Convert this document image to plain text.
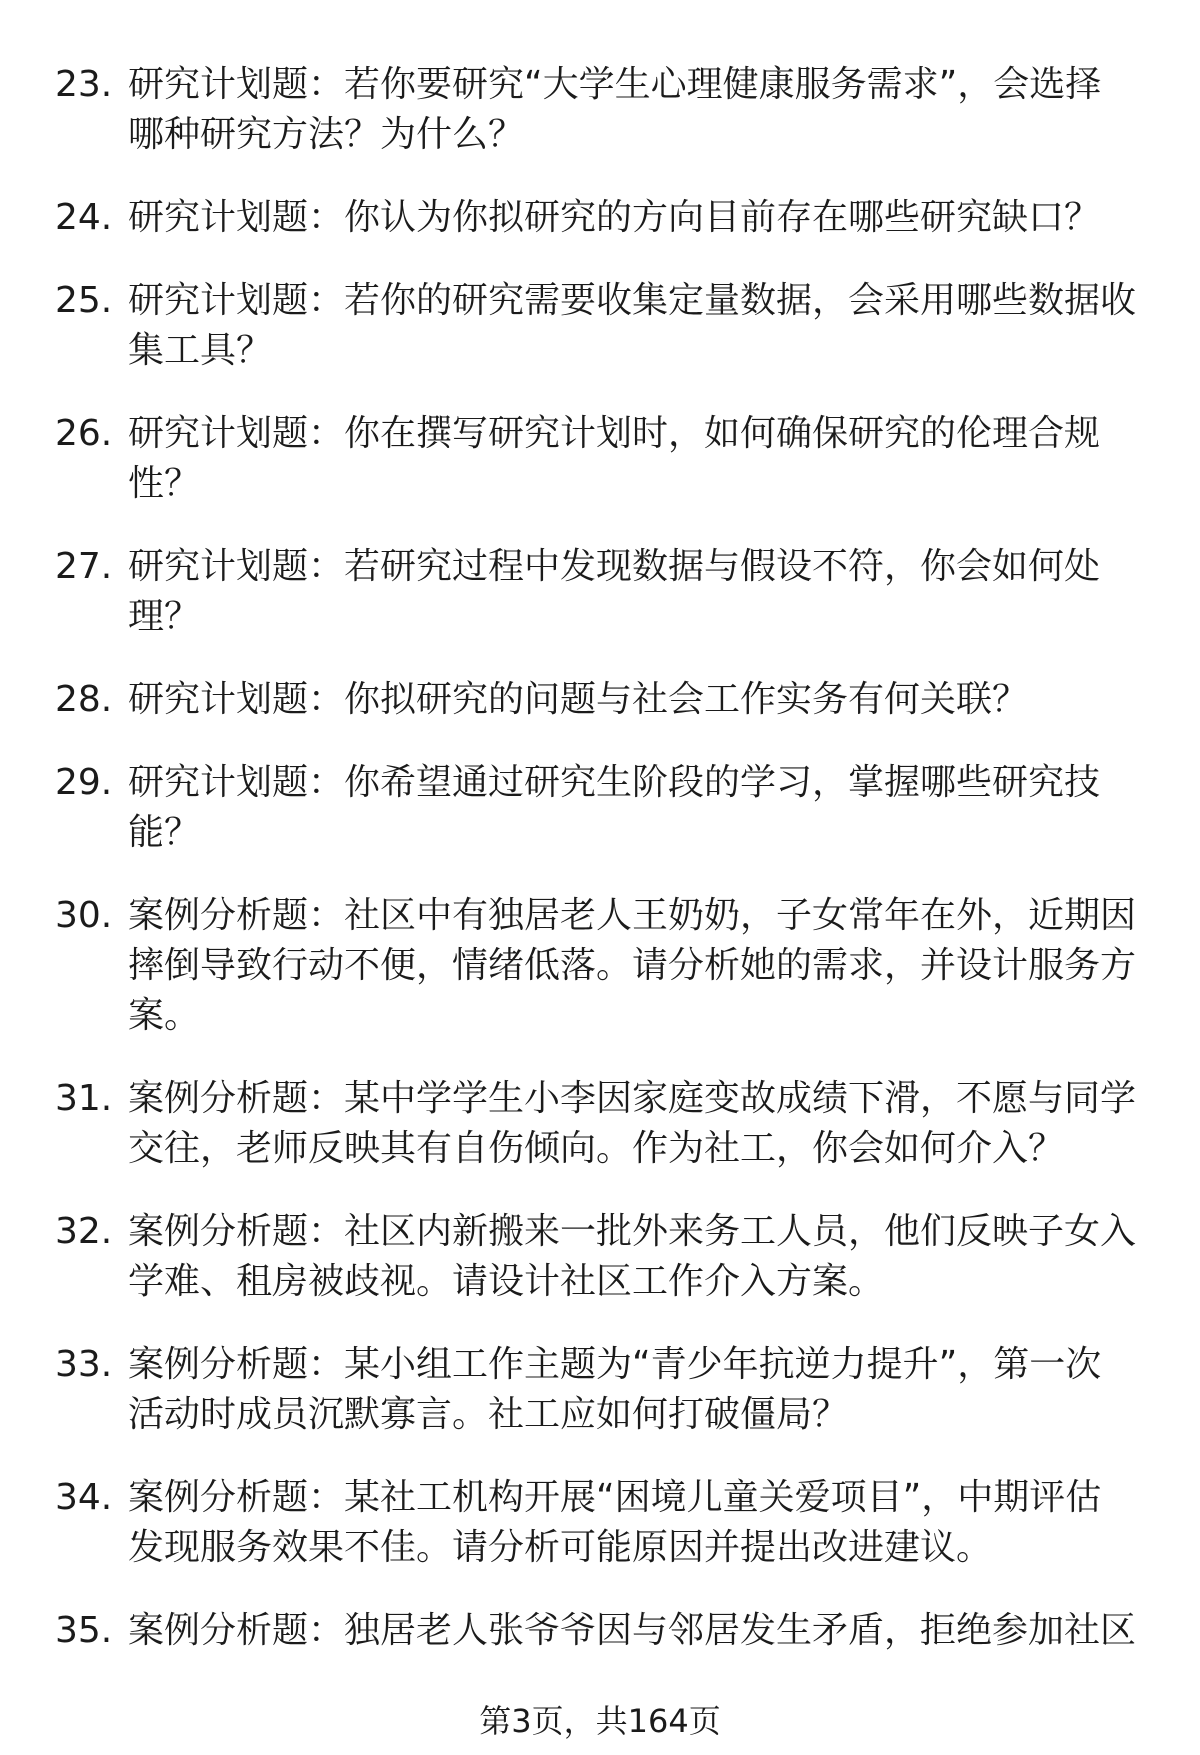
23. 研究计划题：若你要研究“大学生心理健康服务需求”，会选择
哪种研究方法？为什么？
24. 研究计划题：你认为你拟研究的方向目前存在哪些研究缺口？
25. 研究计划题：若你的研究需要收集定量数据，会采用哪些数据收
集工具？
26. 研究计划题：你在撰写研究计划时，如何确保研究的伦理合规
性？
27. 研究计划题：若研究过程中发现数据与假设不符，你会如何处
理？
28. 研究计划题：你拟研究的问题与社会工作实务有何关联？
29. 研究计划题：你希望通过研究生阶段的学习，掌握哪些研究技
能？
30. 案例分析题：社区中有独居老人王奶奶，子女常年在外，近期因
摔倒导致行动不便，情绪低落。请分析她的需求，并设计服务方
案。
31. 案例分析题：某中学学生小李因家庭变故成绩下滑，不愿与同学
交往，老师反映其有自伤倾向。作为社工，你会如何介入？
32. 案例分析题：社区内新搬来一批外来务工人员，他们反映子女入
学难、租房被歧视。请设计社区工作介入方案。
33. 案例分析题：某小组工作主题为“青少年抗逆力提升”，第一次
活动时成员沉默寡言。社工应如何打破僵局？
34. 案例分析题：某社工机构开展“困境儿童关爱项目”，中期评估
发现服务效果不佳。请分析可能原因并提出改进建议。
35. 案例分析题：独居老人张爷爷因与邻居发生矛盾，拒绝参加社区
第3页，共164页
